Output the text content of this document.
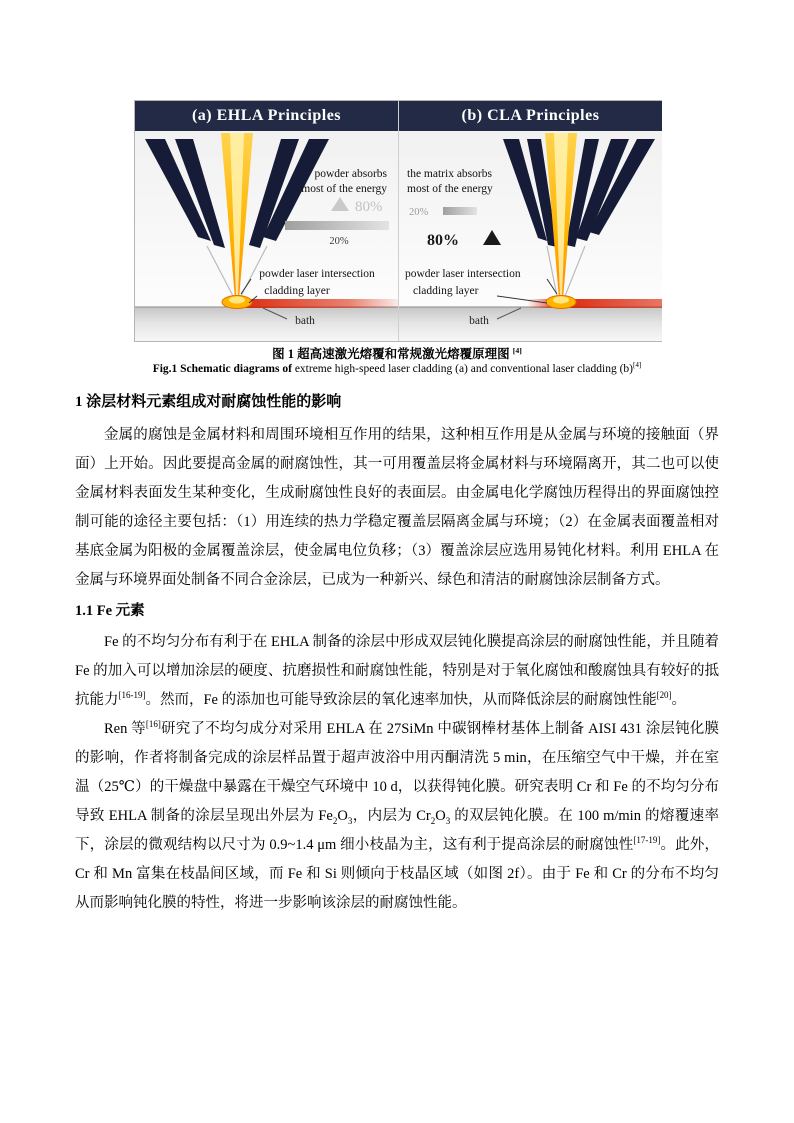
(a) EHLA Principles
powder absorbs
most of the energy
80%
20%
powder laser intersection
cladding layer
bath
(b) CLA Principles
the matrix absorbs
most of the energy
20%
80%
powder laser intersection
cladding layer
bath
图 1 超高速激光熔覆和常规激光熔覆原理图 [4]
Fig.1 Schematic diagrams of extreme high-speed laser cladding (a) and conventional laser cladding (b)[4]
1 涂层材料元素组成对耐腐蚀性能的影响

金属的腐蚀是金属材料和周围环境相互作用的结果，这种相互作用是从金属与环境的接触面（界面）上开始。因此要提高金属的耐腐蚀性，其一可用覆盖层将金属材料与环境隔离开，其二也可以使金属材料表面发生某种变化，生成耐腐蚀性良好的表面层。由金属电化学腐蚀历程得出的界面腐蚀控制可能的途径主要包括：（1）用连续的热力学稳定覆盖层隔离金属与环境；（2）在金属表面覆盖相对基底金属为阳极的金属覆盖涂层，使金属电位负移；（3）覆盖涂层应选用易钝化材料。利用 EHLA 在金属与环境界面处制备不同合金涂层，已成为一种新兴、绿色和清洁的耐腐蚀涂层制备方式。

1.1 Fe 元素

Fe 的不均匀分布有利于在 EHLA 制备的涂层中形成双层钝化膜提高涂层的耐腐蚀性能，并且随着 Fe 的加入可以增加涂层的硬度、抗磨损性和耐腐蚀性能，特别是对于氧化腐蚀和酸腐蚀具有较好的抵抗能力[16-19]。然而，Fe 的添加也可能导致涂层的氧化速率加快，从而降低涂层的耐腐蚀性能[20]。

Ren 等[16]研究了不均匀成分对采用 EHLA 在 27SiMn 中碳钢棒材基体上制备 AISI 431 涂层钝化膜的影响，作者将制备完成的涂层样品置于超声波浴中用丙酮清洗 5 min，在压缩空气中干燥，并在室温（25℃）的干燥盘中暴露在干燥空气环境中 10 d，以获得钝化膜。研究表明 Cr 和 Fe 的不均匀分布导致 EHLA 制备的涂层呈现出外层为 $Fe_2O_3$，内层为 $Cr_2O_3$ 的双层钝化膜。在 100 m/min 的熔覆速率下，涂层的微观结构以尺寸为 0.9~1.4 μm 细小枝晶为主，这有利于提高涂层的耐腐蚀性[17-19]。此外，Cr 和 Mn 富集在枝晶间区域，而 Fe 和 Si 则倾向于枝晶区域（如图 2f）。由于 Fe 和 Cr 的分布不均匀从而影响钝化膜的特性，将进一步影响该涂层的耐腐蚀性能。
